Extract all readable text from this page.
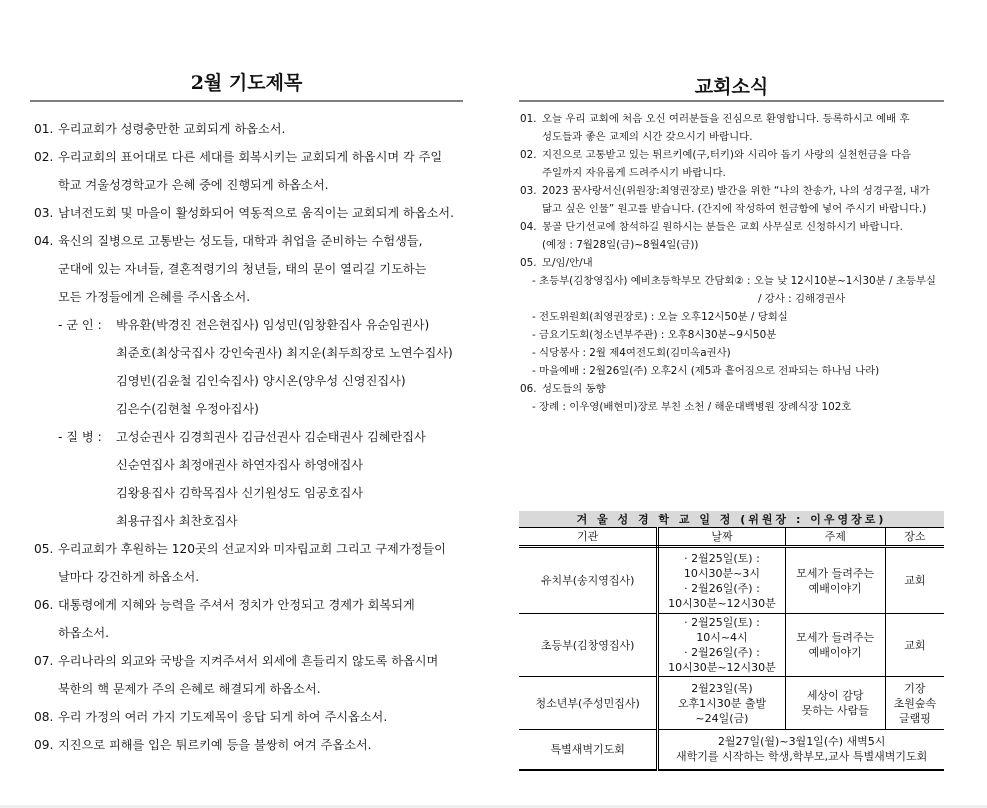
2월 기도제목
01. 우리교회가 성령충만한 교회되게 하옵소서.
02. 우리교회의 표어대로 다른 세대를 회복시키는 교회되게 하옵시며 각 주일
학교 겨울성경학교가 은혜 중에 진행되게 하옵소서.
03. 남녀전도회 및 마을이 활성화되어 역동적으로 움직이는 교회되게 하옵소서.
04. 육신의 질병으로 고통받는 성도들, 대학과 취업을 준비하는 수험생들,
군대에 있는 자녀들, 결혼적령기의 청년들, 태의 문이 열리길 기도하는
모든 가정들에게 은혜를 주시옵소서.
- 군 인 : 박유환(박경진 전은현집사) 임성민(임창환집사 유순임권사)
최준호(최상국집사 강인숙권사) 최지운(최두희장로 노연수집사)
김영빈(김윤철 김인숙집사) 양시온(양우성 신영진집사)
김은수(김현철 우정아집사)
- 질 병 : 고성순권사 김경희권사 김금선권사 김순태권사 김혜란집사
신순연집사 최정애권사 하연자집사 하영애집사
김왕용집사 김학목집사 신기원성도 임공호집사
최용규집사 최찬호집사
05. 우리교회가 후원하는 120곳의 선교지와 미자립교회 그리고 구제가정들이
날마다 강건하게 하옵소서.
06. 대통령에게 지혜와 능력을 주셔서 정치가 안정되고 경제가 회복되게
하옵소서.
07. 우리나라의 외교와 국방을 지켜주셔서 외세에 흔들리지 않도록 하옵시며
북한의 핵 문제가 주의 은혜로 해결되게 하옵소서.
08. 우리 가정의 여러 가지 기도제목이 응답 되게 하여 주시옵소서.
09. 지진으로 피해를 입은 튀르키예 등을 불쌍히 여겨 주옵소서.
교회소식
01. 오늘 우리 교회에 처음 오신 여러분들을 진심으로 환영합니다. 등록하시고 예배 후
성도들과 좋은 교제의 시간 갖으시기 바랍니다.
02. 지진으로 고통받고 있는 튀르키예(구,터키)와 시리아 돕기 사랑의 실천헌금을 다음
주일까지 자유롭게 드려주시기 바랍니다.
03. 2023 꿈사랑서신(위원장:최영권장로) 발간을 위한 “나의 찬송가, 나의 성경구절, 내가
닮고 싶은 인물” 원고를 받습니다. (간지에 작성하여 헌금함에 넣어 주시기 바랍니다.)
04. 몽골 단기선교에 참석하길 원하시는 분들은 교회 사무실로 신청하시기 바랍니다.
(예정 : 7월28일(금)~8월4일(금))
05. 모/임/안/내
- 초등부(김창영집사) 예비초등학부모 간담회② : 오늘 낮 12시10분~1시30분 / 초등부실
/ 강사 : 김해경권사
- 전도위원회(최영권장로) : 오늘 오후12시50분 / 당회실
- 금요기도회(청소년부주관) : 오후8시30분~9시50분
- 식당봉사 : 2월 제4여전도회(김미옥a권사)
- 마을예배 : 2월26일(주) 오후2시 (제5과 흩어짐으로 전파되는 하나님 나라)
06. 성도들의 동향
- 장례 : 이우영(배현미)장로 부친 소천 / 해운대백병원 장례식장 102호
겨 울 성 경 학 교 일 정 (위원장 : 이우영장로)			
기관	날짜	주제	장소
유치부(송지영집사)	· 2월25일(토) :
10시30분~3시
· 2월26일(주) :
10시30분~12시30분	모세가 들려주는
예배이야기	교회
초등부(김창영집사)	· 2월25일(토) :
10시~4시
· 2월26일(주) :
10시30분~12시30분	모세가 들려주는
예배이야기	교회
청소년부(주성민집사)	2월23일(목)
오후1시30분 출발
~24일(금)	세상이 감당
못하는 사람들	기장
초원숲속
글램핑

특별새벽기도회	2월27일(월)~3월1일(수) 새벽5시
새학기를 시작하는 학생,학부모,교사 특별새벽기도회		
